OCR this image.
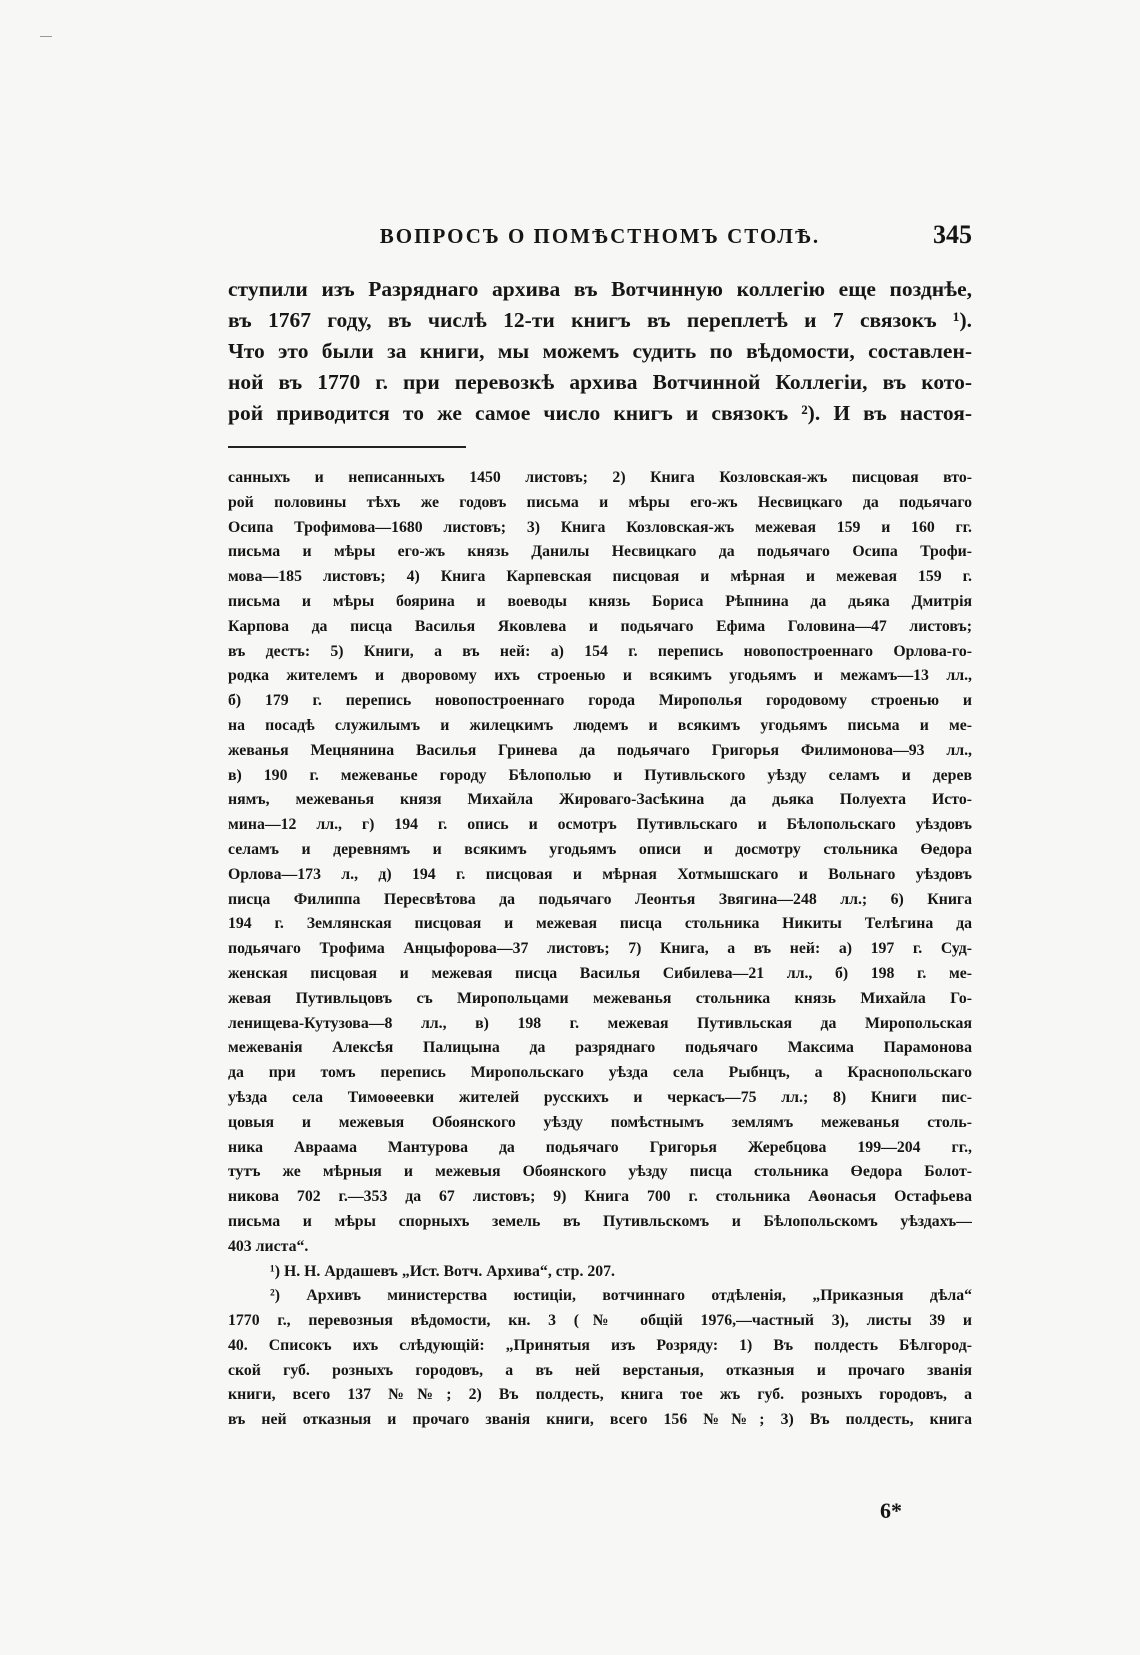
ВОПРОСЪ О ПОМѢСТНОМЪ СТОЛѢ.	345
ступили изъ Разряднаго архива въ Вотчинную коллегію еще позднѣе,
въ 1767 году, въ числѣ 12-ти книгъ въ переплетѣ и 7 связокъ ¹).
Что это были за книги, мы можемъ судить по вѣдомости, составлен-
ной въ 1770 г. при перевозкѣ архива Вотчинной Коллегіи, въ кото-
рой приводится то же самое число книгъ и связокъ ²). И въ настоя-
санныхъ и неписанныхъ 1450 листовъ; 2) Книга Козловская-жъ писцовая вто-
рой половины тѣхъ же годовъ письма и мѣры его-жъ Несвицкаго да подьячаго
Осипа Трофимова—1680 листовъ; 3) Книга Козловская-жъ межевая 159 и 160 гг.
письма и мѣры его-жъ князь Данилы Несвицкаго да подьячаго Осипа Трофи-
мова—185 листовъ; 4) Книга Карпевская писцовая и мѣрная и межевая 159 г.
письма и мѣры боярина и воеводы князь Бориса Рѣпнина да дьяка Дмитрія
Карпова да писца Василья Яковлева и подьячаго Ефима Головина—47 листовъ;
въ дестъ: 5) Книги, а въ ней: а) 154 г. перепись новопостроеннаго Орлова-го-
родка жителемъ и дворовому ихъ строенью и всякимъ угодьямъ и межамъ—13 лл.,
б) 179 г. перепись новопостроеннаго города Мирополья городовому строенью и
на посадѣ служилымъ и жилецкимъ людемъ и всякимъ угодьямъ письма и ме-
жеванья Мецнянина Василья Гринева да подьячаго Григорья Филимонова—93 лл.,
в) 190 г. межеванье городу Бѣлополью и Путивльского уѣзду селамъ и дерев
нямъ, межеванья князя Михайла Жироваго-Засѣкина да дьяка Полуехта Исто-
мина—12 лл., г) 194 г. опись и осмотръ Путивльскаго и Бѣлопольскаго уѣздовъ
селамъ и деревнямъ и всякимъ угодьямъ описи и досмотру стольника Өедора
Орлова—173 л., д) 194 г. писцовая и мѣрная Хотмышскаго и Вольнаго уѣздовъ
писца Филиппа Пересвѣтова да подьячаго Леонтья Звягина—248 лл.; 6) Книга
194 г. Землянская писцовая и межевая писца стольника Никиты Телѣгина да
подьячаго Трофима Анцыфорова—37 листовъ; 7) Книга, а въ ней: а) 197 г. Суд-
женская писцовая и межевая писца Василья Сибилева—21 лл., б) 198 г. ме-
жевая Путивльцовъ съ Миропольцами межеванья стольника князь Михайла Го-
ленищева-Кутузова—8 лл., в) 198 г. межевая Путивльская да Миропольская
межеванія Алексѣя Палицына да разряднаго подьячаго Максима Парамонова
да при томъ перепись Миропольскаго уѣзда села Рыбнцъ, а Краснопольскаго
уѣзда села Тимоѳеевки жителей русскихъ и черкасъ—75 лл.; 8) Книги пис-
цовыя и межевыя Обоянского уѣзду помѣстнымъ землямъ межеванья столь-
ника Авраама Мантурова да подьячаго Григорья Жеребцова 199—204 гг.,
тутъ же мѣрныя и межевыя Обоянского уѣзду писца стольника Өедора Болот-
никова 702 г.—353 да 67 листовъ; 9) Книга 700 г. стольника Аѳонасья Остафьева
письма и мѣры спорныхъ земель въ Путивльскомъ и Бѣлопольскомъ уѣздахъ—
403 листа“.
¹) Н. Н. Ардашевъ „Ист. Вотч. Архива“, стр. 207.
²) Архивъ министерства юстиціи, вотчиннаго отдѣленія, „Приказныя дѣла“
1770 г., перевозныя вѣдомости, кн. 3 (№ общій 1976,—частный 3), листы 39 и
40. Списокъ ихъ слѣдующій: „Принятыя изъ Розряду: 1) Въ полдесть Бѣлгород-
ской губ. розныхъ городовъ, а въ ней верстаныя, отказныя и прочаго званія
книги, всего 137 №№; 2) Въ полдесть, книга тое жъ губ. розныхъ городовъ, а
въ ней отказныя и прочаго званія книги, всего 156 №№; 3) Въ полдесть, книга
6*
